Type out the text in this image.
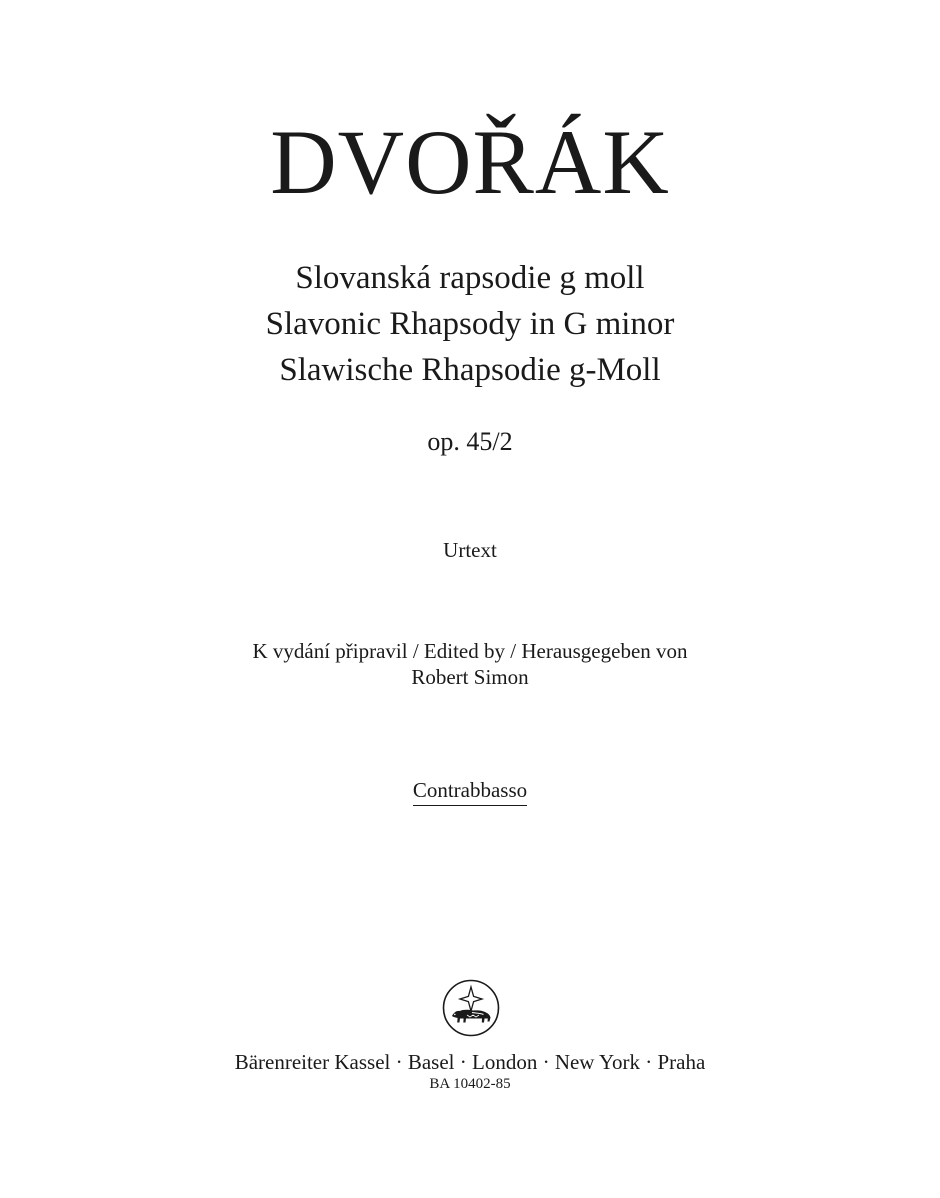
DVOŘÁK
Slovanská rapsodie g moll
Slavonic Rhapsody in G minor
Slawische Rhapsodie g-Moll
op. 45/2
Urtext
K vydání připravil / Edited by / Herausgegeben von
Robert Simon
Contrabbasso
Bärenreiter Kassel · Basel · London · New York · Praha
BA 10402-85
